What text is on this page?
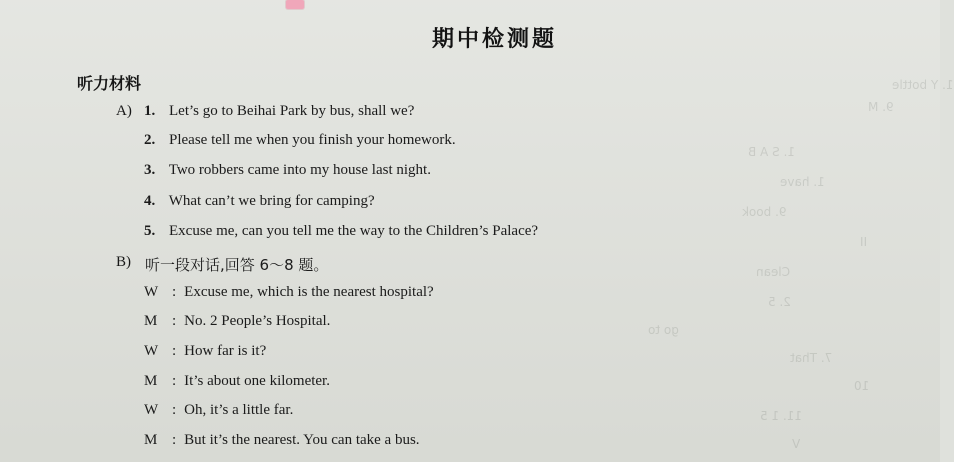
1. Y bottle
9. M
1. S A B
1. have
9. book
II
Clean
2. 5
go to
7. That
10
11. 1 5
V
期中检测题
听力材料
A) 1. Let’s go to Beihai Park by bus, shall we?
2. Please tell me when you finish your homework.
3. Two robbers came into my house last night.
4. What can’t we bring for camping?
5. Excuse me, can you tell me the way to the Children’s Palace?
B) 听一段对话,回答 6～8 题。
W : Excuse me, which is the nearest hospital?
M : No. 2 People’s Hospital.
W : How far is it?
M : It’s about one kilometer.
W : Oh, it’s a little far.
M : But it’s the nearest. You can take a bus.
